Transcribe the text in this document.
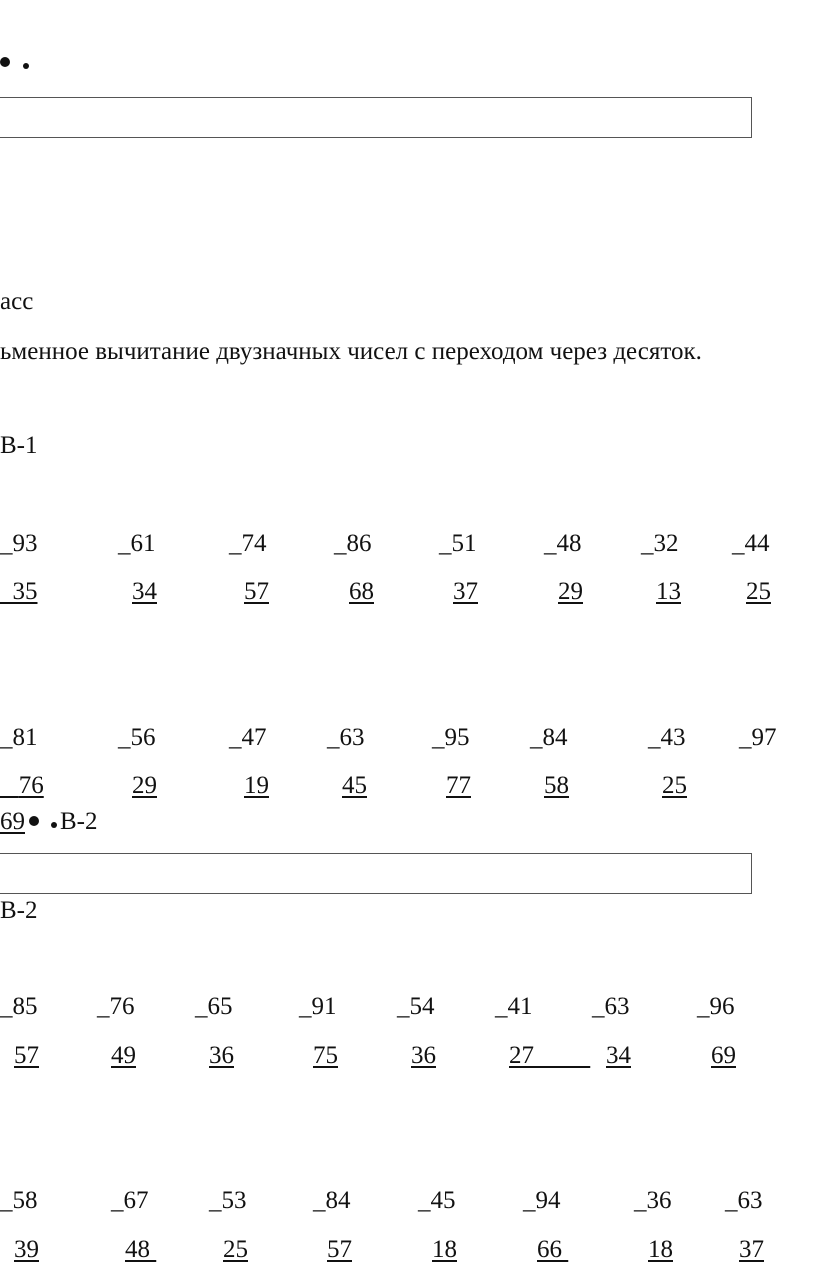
асс
ьменное вычитание двузначных чисел с переходом через десяток.
В-1
_93	_61	_74	_86	_51	_48 _32 _44
35	34	57	68	37	29	13	25
_81	_56	_47 _63	_95 _84	_43 _97
76	29	19	45	77	58	25
69 В-2
В-2
_85 _76 _65	_91 _54 _41 _63	_96
57	49	36	75	36	27	34	69
_58	_67 _53	_84	_45	_94	_36 _63
39	48	25	57	18	66	18	37
